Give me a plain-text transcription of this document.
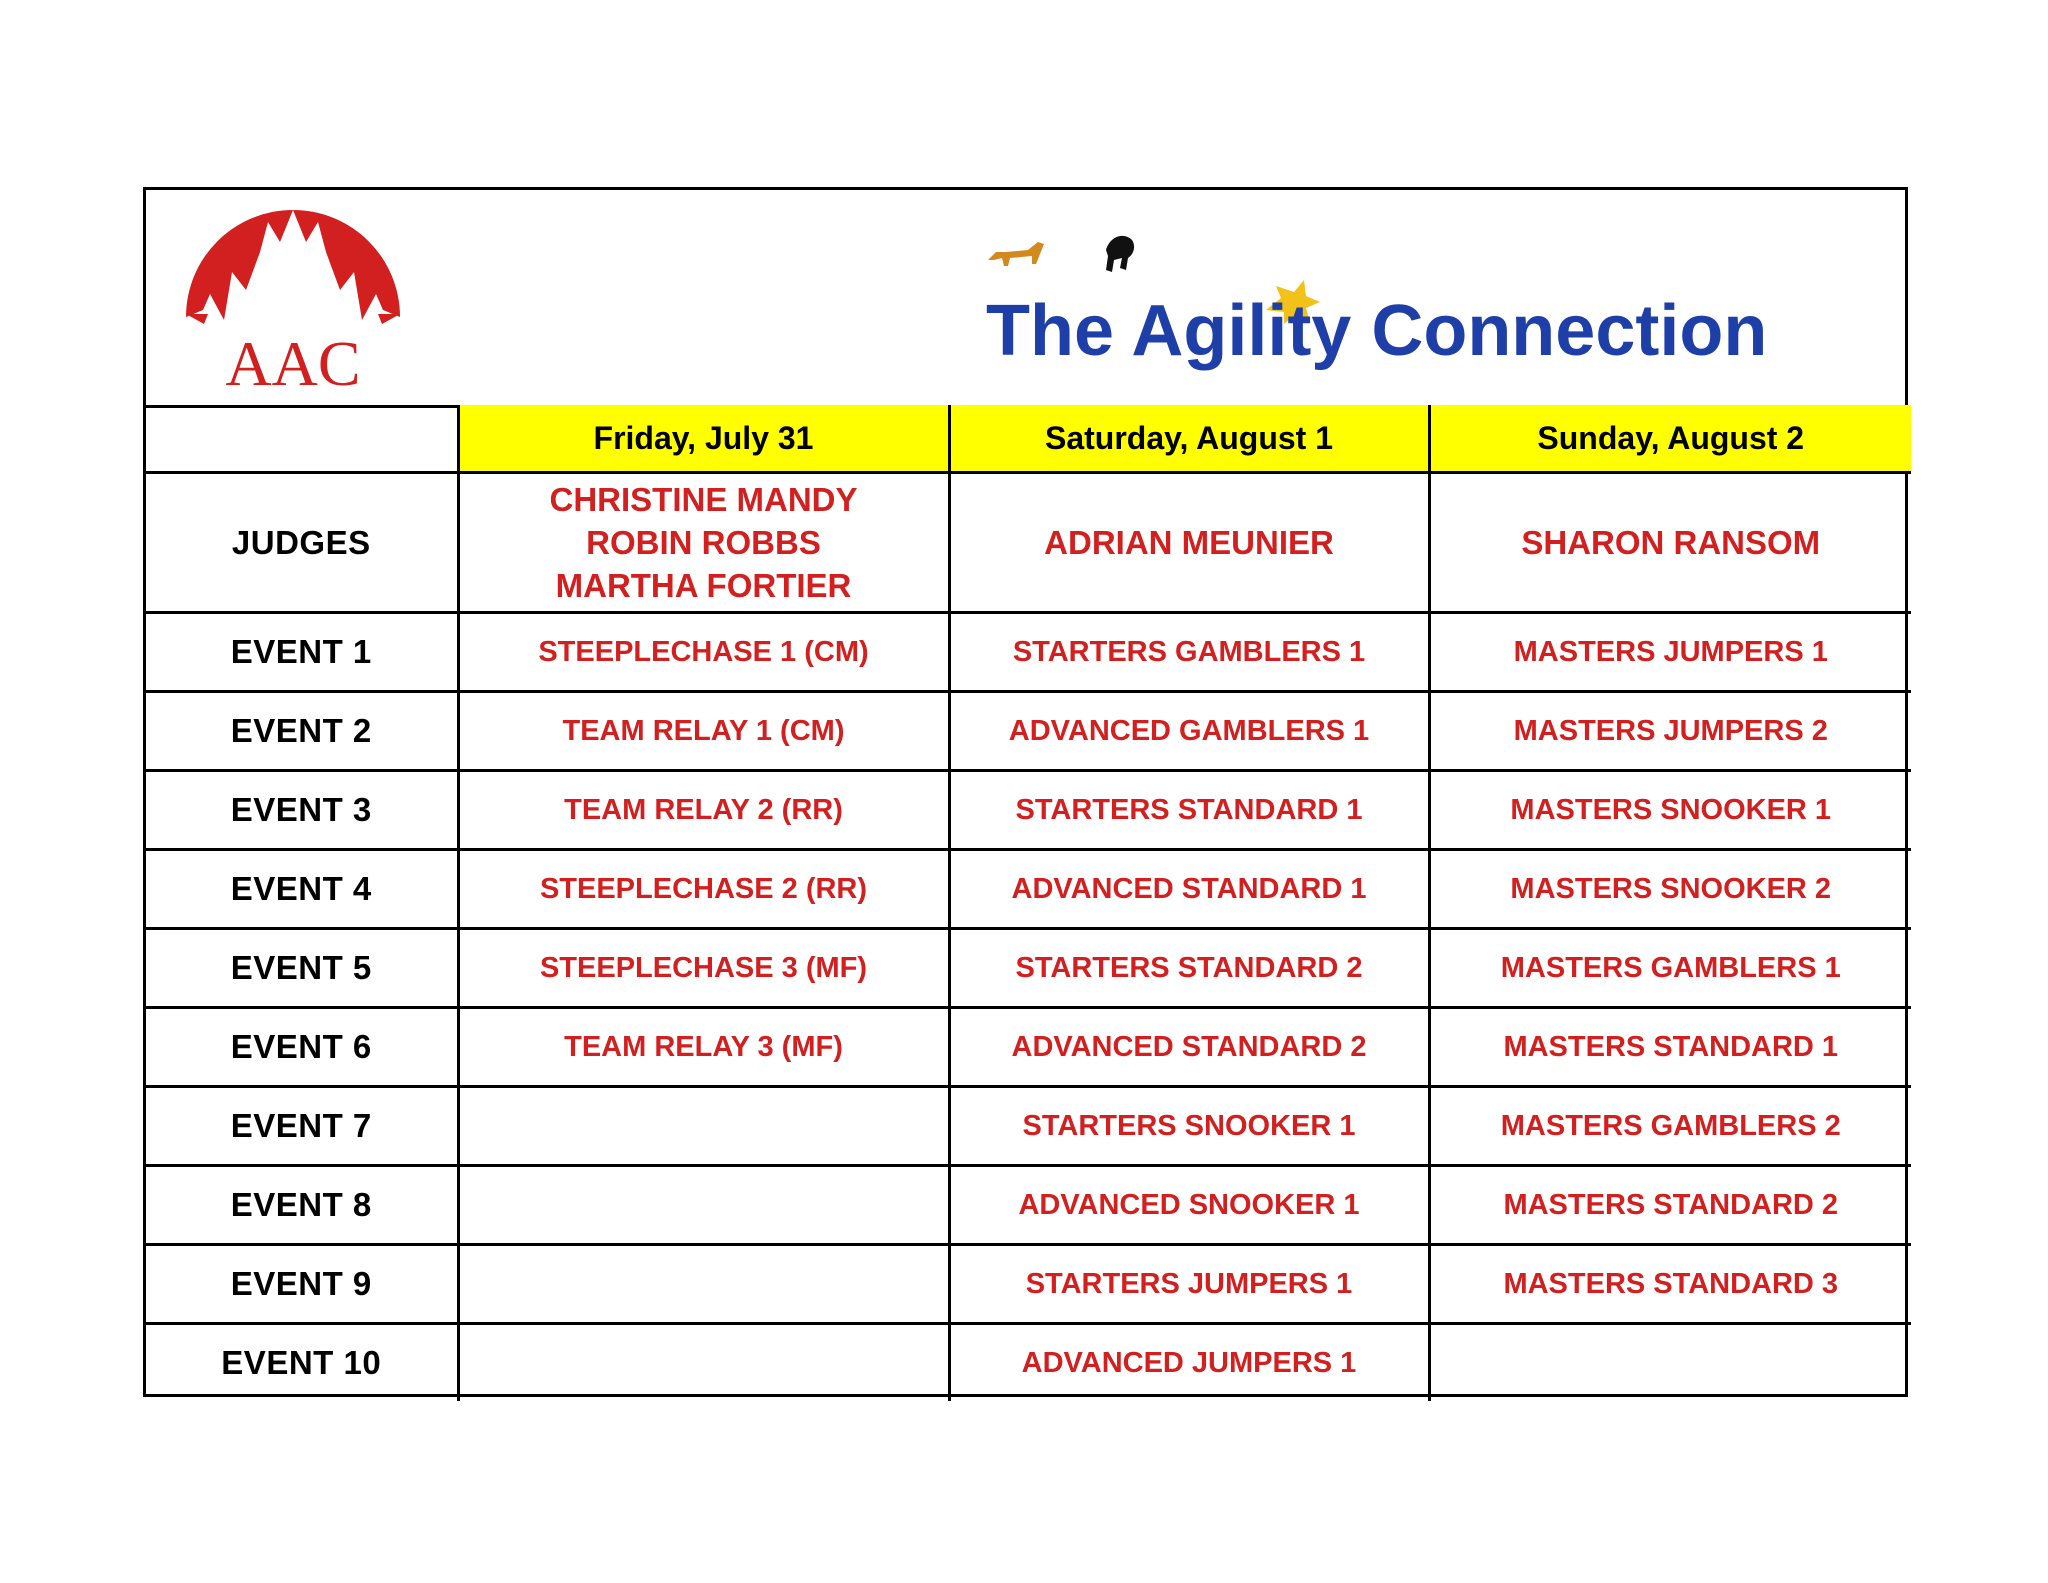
AAC	The Agility Connection
	Friday, July 31	Saturday, August 1	Sunday, August 2
JUDGES	CHRISTINE MANDY
ROBIN ROBBS
MARTHA FORTIER	ADRIAN MEUNIER	SHARON RANSOM

EVENT 1	STEEPLECHASE 1 (CM)	STARTERS GAMBLERS 1	MASTERS JUMPERS 1
EVENT 2	TEAM RELAY 1 (CM)	ADVANCED GAMBLERS 1	MASTERS JUMPERS 2
EVENT 3	TEAM RELAY 2 (RR)	STARTERS STANDARD 1	MASTERS SNOOKER 1
EVENT 4	STEEPLECHASE 2 (RR)	ADVANCED STANDARD 1	MASTERS SNOOKER 2
EVENT 5	STEEPLECHASE 3 (MF)	STARTERS STANDARD 2	MASTERS GAMBLERS 1
EVENT 6	TEAM RELAY 3 (MF)	ADVANCED STANDARD 2	MASTERS STANDARD 1
EVENT 7		STARTERS SNOOKER 1	MASTERS GAMBLERS 2
EVENT 8		ADVANCED SNOOKER 1	MASTERS STANDARD 2
EVENT 9		STARTERS JUMPERS 1	MASTERS STANDARD 3
EVENT 10		ADVANCED JUMPERS 1	
